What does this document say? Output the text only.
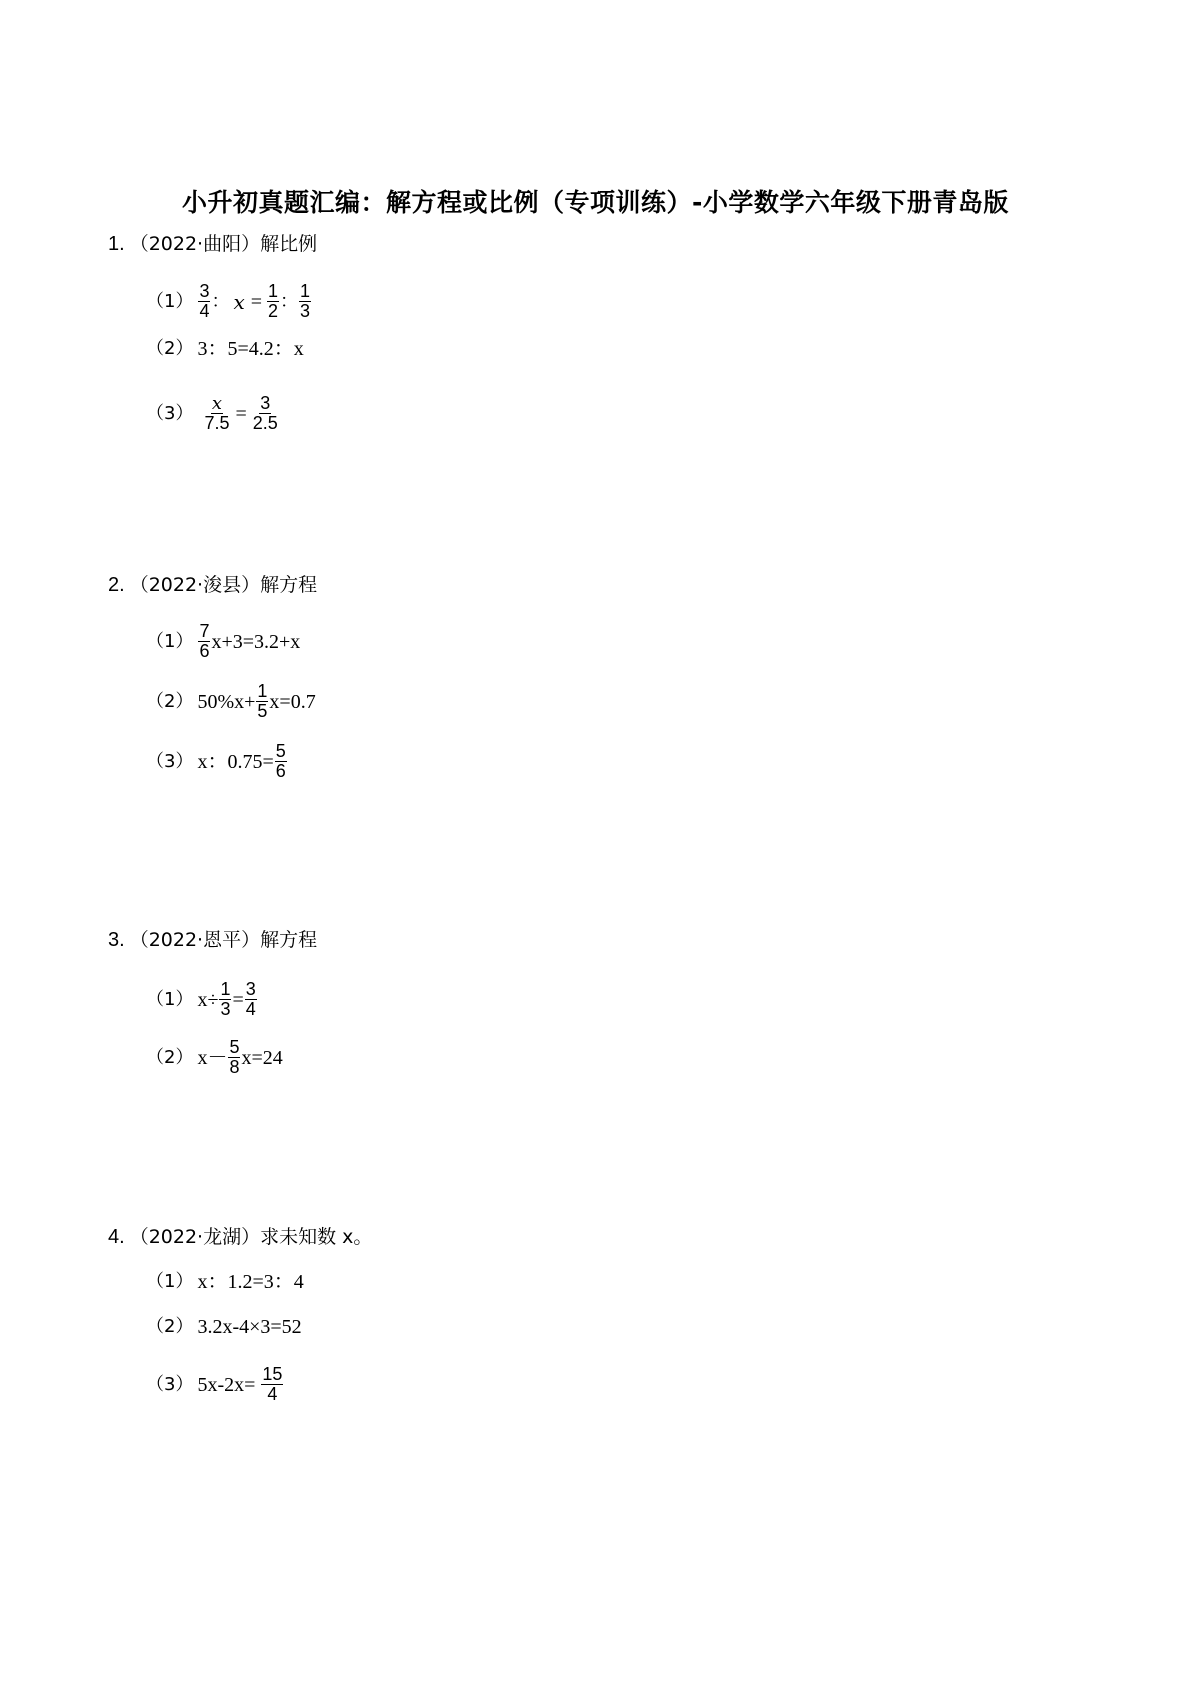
小升初真题汇编：解方程或比例（专项训练）-小学数学六年级下册青岛版
1. （2022·曲阳）解比例
$(1) \frac{3}{4}$ ： $x = \frac{1}{2}$ ： $\frac{1}{3}$
（2） 3：5=4.2：x
$(3) \frac{x}{7.5} = \frac{3}{2.5}$
2. （2022·浚县）解方程
$(1) \frac{7}{6} x+3=3.2+x$
（2） $50\%x+ \frac{1}{5} x=0.7$
（3） x：$0.75= \frac{5}{6}$
3. （2022·恩平）解方程
（1） $x\div \frac{1}{3} = \frac{3}{4}$
（2） $x- \frac{5}{8} x=24$
4. （2022·龙湖）求未知数 x。
（1） x：1.2=3：4
（2） 3.2x-4×3=52
（3） $5x-2x= \frac{15}{4}$
